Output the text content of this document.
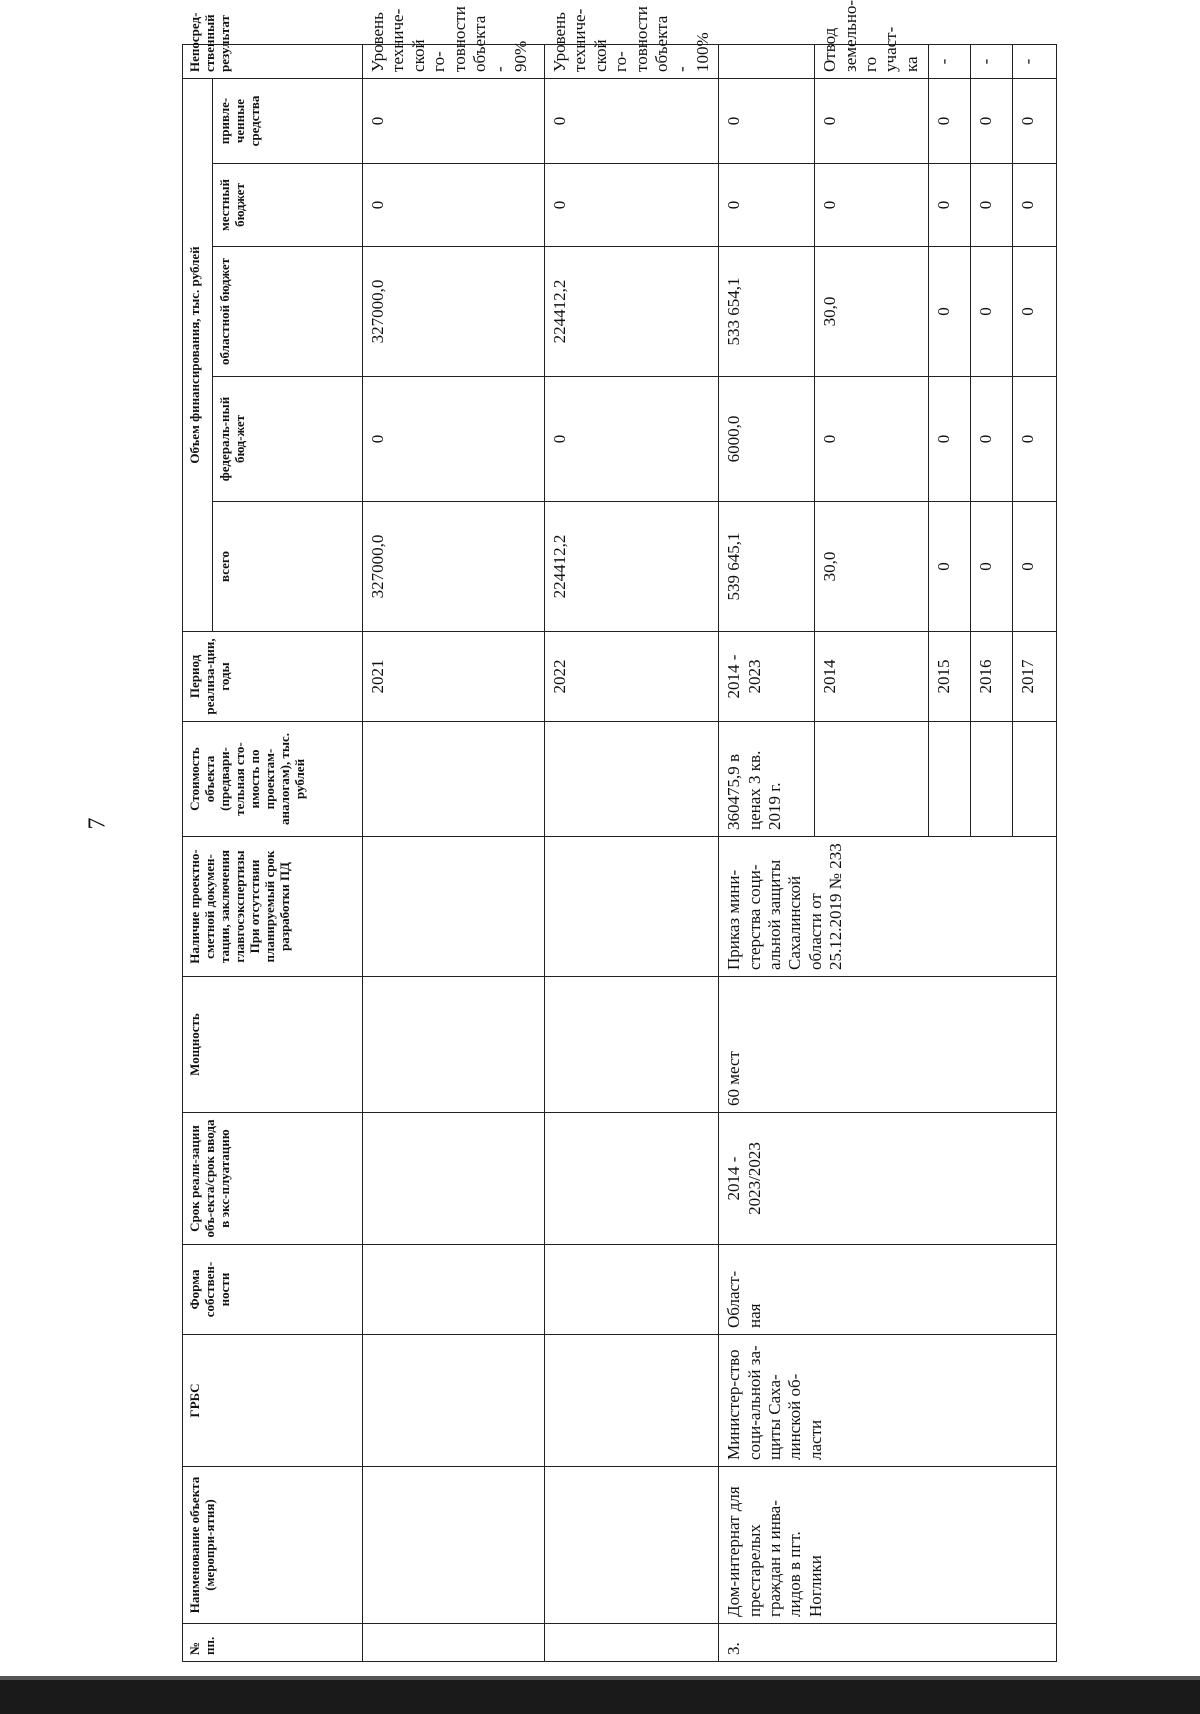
7
№ пп.	Наименование объекта (меропри-ятия)	ГРБС	Форма собствен-ности	Срок реали-зации объ-екта/срок ввода в экс-плуатацию	Мощность	Наличие проектно-сметной докумен-тации, заключения главгосэкспертизы При отсутствии планируемый срок разработки ПД	Стоимость объекта (предвари-тельная сто-имость по проектам-аналогам), тыс. рублей	Период реализа-ции, годы	Объем финансирования, тыс. рублей					Непосред-ственный результат
									всего	федераль-ный бюд-жет	областной бюджет	местный бюджет	привле-ченные средства	
								2021	327000,0	0	327000,0	0	0	Уровень техниче-ской го-товности объекта - 90%
								2022	224412,2	0	224412,2	0	0	Уровень техниче-ской го-товности объекта - 100%
3.	Дом-интернат для престарелых граждан и инва-лидов в пгт. Ноглики	Министер-ство соци-альной за-щиты Саха-линской об-ласти	Област-ная	2014 - 2023/2023	60 мест	Приказ мини-стерства соци-альной защиты Сахалинской области от 25.12.2019 № 233	360475,9 в ценах 3 кв. 2019 г.	2014 - 2023	539 645,1	6000,0	533 654,1	0	0	
								2014	30,0	0	30,0	0	0	Отвод земельно-го участ-ка
								2015	0	0	0	0	0	-
								2016	0	0	0	0	0	-
								2017	0	0	0	0	0	-
